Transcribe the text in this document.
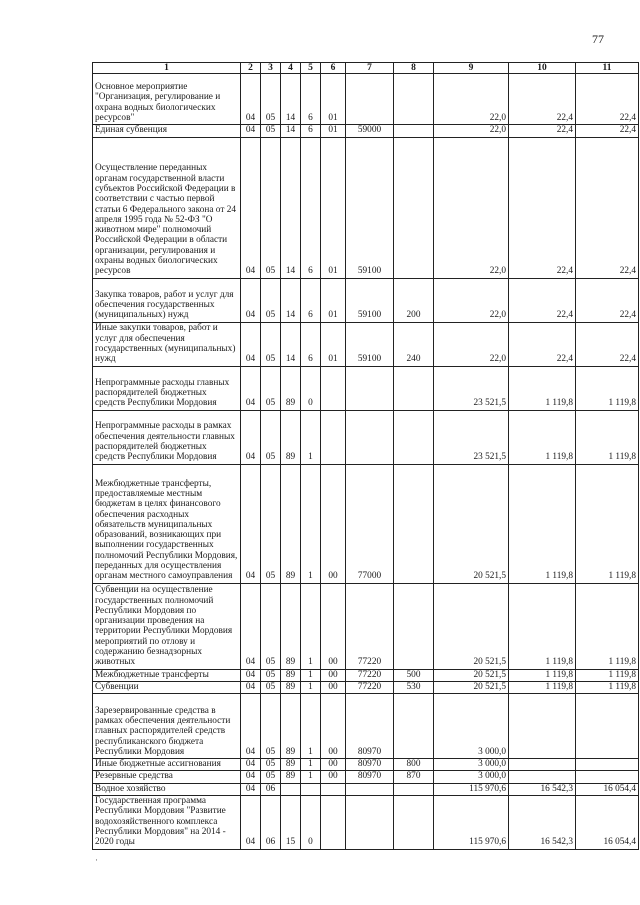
77
1	2	3	4	5	6	7	8	9	10	11
Основное мероприятие "Организация, регулирование и охрана водных биологических ресурсов"	04	05	14	6	01			22,0	22,4	22,4
Единая субвенция	04	05	14	6	01	59000		22,0	22,4	22,4
Осуществление переданных органам государственной власти субъектов Российской Федерации в соответствии с частью первой статьи 6 Федерального закона от 24 апреля 1995 года № 52-ФЗ "О животном мире" полномочий Российской Федерации в области организации, регулирования и охраны водных биологических ресурсов	04	05	14	6	01	59100		22,0	22,4	22,4
Закупка товаров, работ и услуг для обеспечения государственных (муниципальных) нужд	04	05	14	6	01	59100	200	22,0	22,4	22,4
Иные закупки товаров, работ и услуг для обеспечения государственных (муниципальных) нужд	04	05	14	6	01	59100	240	22,0	22,4	22,4
Непрограммные расходы главных распорядителей бюджетных средств Республики Мордовия	04	05	89	0				23 521,5	1 119,8	1 119,8
Непрограммные расходы в рамках обеспечения деятельности главных распорядителей бюджетных средств Республики Мордовия	04	05	89	1				23 521,5	1 119,8	1 119,8
Межбюджетные трансферты, предоставляемые местным бюджетам в целях финансового обеспечения расходных обязательств муниципальных образований, возникающих при выполнении государственных полномочий Республики Мордовия, переданных для осуществления органам местного самоуправления	04	05	89	1	00	77000		20 521,5	1 119,8	1 119,8
Субвенции на осуществление государственных полномочий Республики Мордовия по организации проведения на территории Республики Мордовия мероприятий по отлову и содержанию безнадзорных животных	04	05	89	1	00	77220		20 521,5	1 119,8	1 119,8
Межбюджетные трансферты	04	05	89	1	00	77220	500	20 521,5	1 119,8	1 119,8
Субвенции	04	05	89	1	00	77220	530	20 521,5	1 119,8	1 119,8
Зарезервированные средства в рамках обеспечения деятельности главных распорядителей средств республиканского бюджета Республики Мордовия	04	05	89	1	00	80970		3 000,0		
Иные бюджетные ассигнования	04	05	89	1	00	80970	800	3 000,0		
Резервные средства	04	05	89	1	00	80970	870	3 000,0		
Водное хозяйство	04	06						115 970,6	16 542,3	16 054,4
Государственная программа Республики Мордовия "Развитие водохозяйственного комплекса Республики Мордовия" на 2014 - 2020 годы	04	06	15	0				115 970,6	16 542,3	16 054,4
·
